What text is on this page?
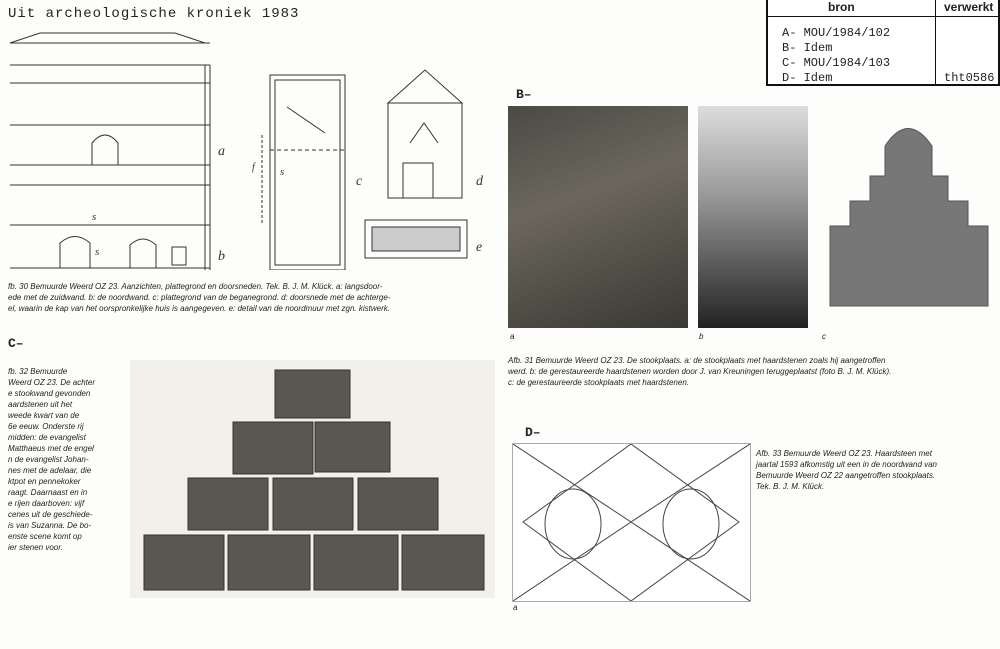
Uit archeologische kroniek 1983	bron	verwerkt
A- MOU/1984/102
B- Idem
C- MOU/1984/103
D- Idem	tht0586
a
b
c	d
e
s
s
s
f
fb. 30 Bemuurde Weerd OZ 23. Aanzichten, plattegrond en doorsneden. Tek. B. J. M. Klück. a: langsdoor-
ede met de zuidwand. b: de noordwand. c: plattegrond van de beganegrond. d: doorsnede met de achterge-
el, waarin de kap van het oorspronkelijke huis is aangegeven. e: detail van de noordmuur met zgn. kistwerk.
B–
a	b	c
Afb. 31 Bemuurde Weerd OZ 23. De stookplaats. a: de stookplaats met haardstenen zoals hij aangetroffen
werd. b: de gerestaureerde haardstenen worden door J. van Kreuningen teruggeplaatst (foto B. J. M. Klück).
c: de gerestaureerde stookplaats met haardstenen.
C–
fb. 32 Bemuurde
Weerd OZ 23. De achter
e stookwand gevonden
aardstenen uit het
weede kwart van de
6e eeuw. Onderste rij
midden: de evangelist
Matthaeus met de engel
n de evangelist Johan-
nes met de adelaar, die
ktpot en pennekoker
raagt. Daarnaast en in
e rijen daarboven: vijf
cenes uit de geschiede-
is van Suzanna. De bo-
enste scene komt op
ier stenen voor.
D–
a
Afb. 33 Bemuurde Weerd OZ 23. Haardsteen met
jaartal 1593 afkomstig uit een in de noordwand van
Bemuurde Weerd OZ 22 aangetroffen stookplaats.
Tek. B. J. M. Klück.
